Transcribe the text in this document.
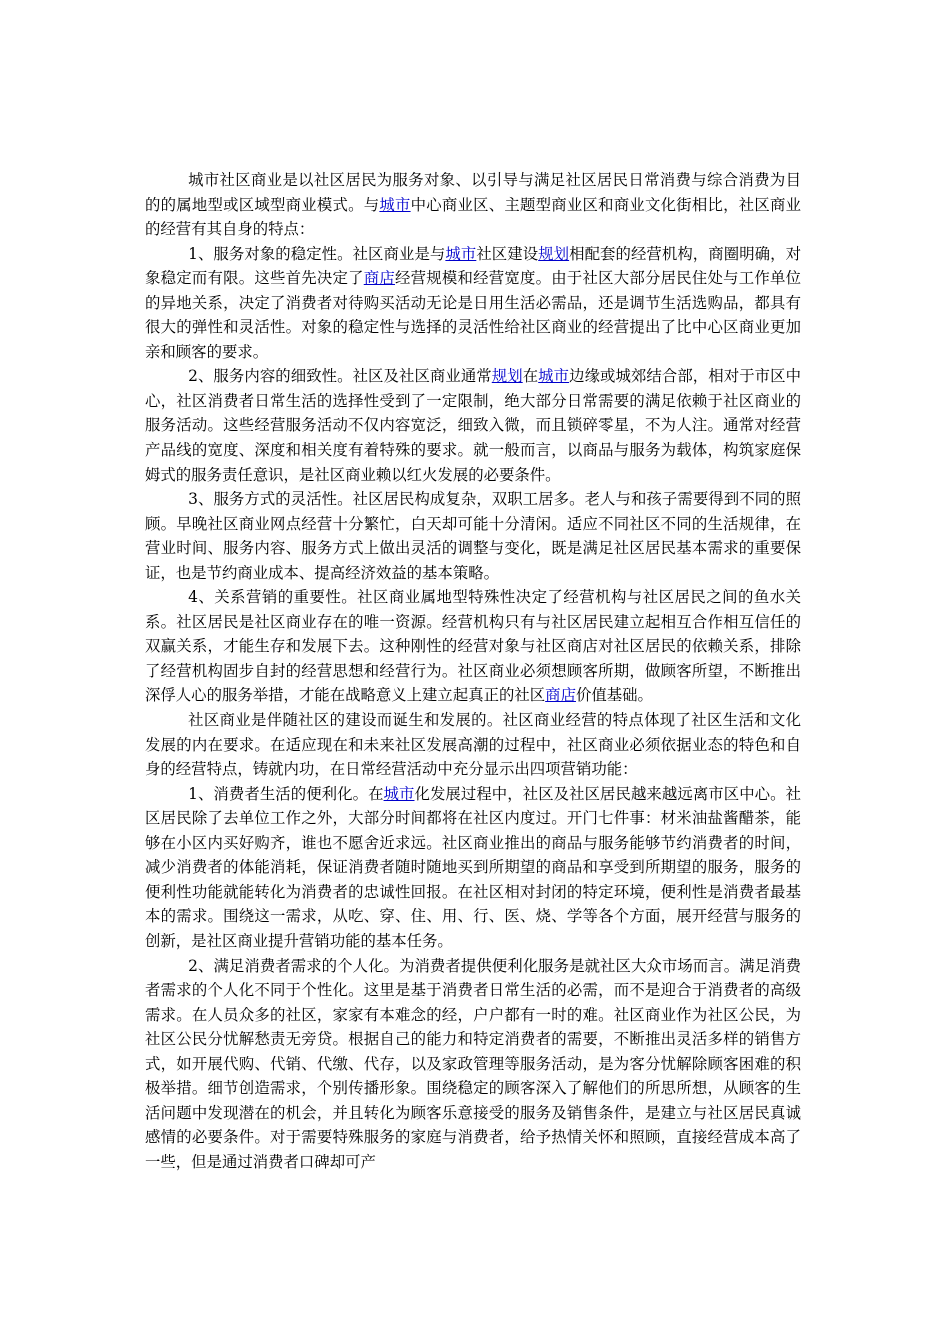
城市社区商业是以社区居民为服务对象、以引导与满足社区居民日常消费与综合消费为目的的属地型或区域型商业模式。与城市中心商业区、主题型商业区和商业文化街相比，社区商业的经营有其自身的特点：

1、服务对象的稳定性。社区商业是与城市社区建设规划相配套的经营机构，商圈明确，对象稳定而有限。这些首先决定了商店经营规模和经营宽度。由于社区大部分居民住处与工作单位的异地关系，决定了消费者对待购买活动无论是日用生活必需品，还是调节生活选购品，都具有很大的弹性和灵活性。对象的稳定性与选择的灵活性给社区商业的经营提出了比中心区商业更加亲和顾客的要求。

2、服务内容的细致性。社区及社区商业通常规划在城市边缘或城郊结合部，相对于市区中心，社区消费者日常生活的选择性受到了一定限制，绝大部分日常需要的满足依赖于社区商业的服务活动。这些经营服务活动不仅内容宽泛，细致入微，而且锁碎零星，不为人注。通常对经营产品线的宽度、深度和相关度有着特殊的要求。就一般而言，以商品与服务为载体，构筑家庭保姆式的服务责任意识，是社区商业赖以红火发展的必要条件。

3、服务方式的灵活性。社区居民构成复杂，双职工居多。老人与和孩子需要得到不同的照顾。早晚社区商业网点经营十分繁忙，白天却可能十分清闲。适应不同社区不同的生活规律，在营业时间、服务内容、服务方式上做出灵活的调整与变化，既是满足社区居民基本需求的重要保证，也是节约商业成本、提高经济效益的基本策略。

4、关系营销的重要性。社区商业属地型特殊性决定了经营机构与社区居民之间的鱼水关系。社区居民是社区商业存在的唯一资源。经营机构只有与社区居民建立起相互合作相互信任的双赢关系，才能生存和发展下去。这种刚性的经营对象与社区商店对社区居民的依赖关系，排除了经营机构固步自封的经营思想和经营行为。社区商业必须想顾客所期，做顾客所望，不断推出深俘人心的服务举措，才能在战略意义上建立起真正的社区商店价值基础。

社区商业是伴随社区的建设而诞生和发展的。社区商业经营的特点体现了社区生活和文化发展的内在要求。在适应现在和未来社区发展高潮的过程中，社区商业必须依据业态的特色和自身的经营特点，铸就内功，在日常经营活动中充分显示出四项营销功能：

1、消费者生活的便利化。在城市化发展过程中，社区及社区居民越来越远离市区中心。社区居民除了去单位工作之外，大部分时间都将在社区内度过。开门七件事：材米油盐酱醋茶，能够在小区内买好购齐，谁也不愿舍近求远。社区商业推出的商品与服务能够节约消费者的时间，减少消费者的体能消耗，保证消费者随时随地买到所期望的商品和享受到所期望的服务，服务的便利性功能就能转化为消费者的忠诚性回报。在社区相对封闭的特定环境，便利性是消费者最基本的需求。围绕这一需求，从吃、穿、住、用、行、医、烧、学等各个方面，展开经营与服务的创新，是社区商业提升营销功能的基本任务。

2、满足消费者需求的个人化。为消费者提供便利化服务是就社区大众市场而言。满足消费者需求的个人化不同于个性化。这里是基于消费者日常生活的必需，而不是迎合于消费者的高级需求。在人员众多的社区，家家有本难念的经，户户都有一时的难。社区商业作为社区公民，为社区公民分忧解愁责无旁贷。根据自己的能力和特定消费者的需要，不断推出灵活多样的销售方式，如开展代购、代销、代缴、代存，以及家政管理等服务活动，是为客分忧解除顾客困难的积极举措。细节创造需求，个别传播形象。围绕稳定的顾客深入了解他们的所思所想，从顾客的生活问题中发现潜在的机会，并且转化为顾客乐意接受的服务及销售条件，是建立与社区居民真诚感情的必要条件。对于需要特殊服务的家庭与消费者，给予热情关怀和照顾，直接经营成本高了一些，但是通过消费者口碑却可产
